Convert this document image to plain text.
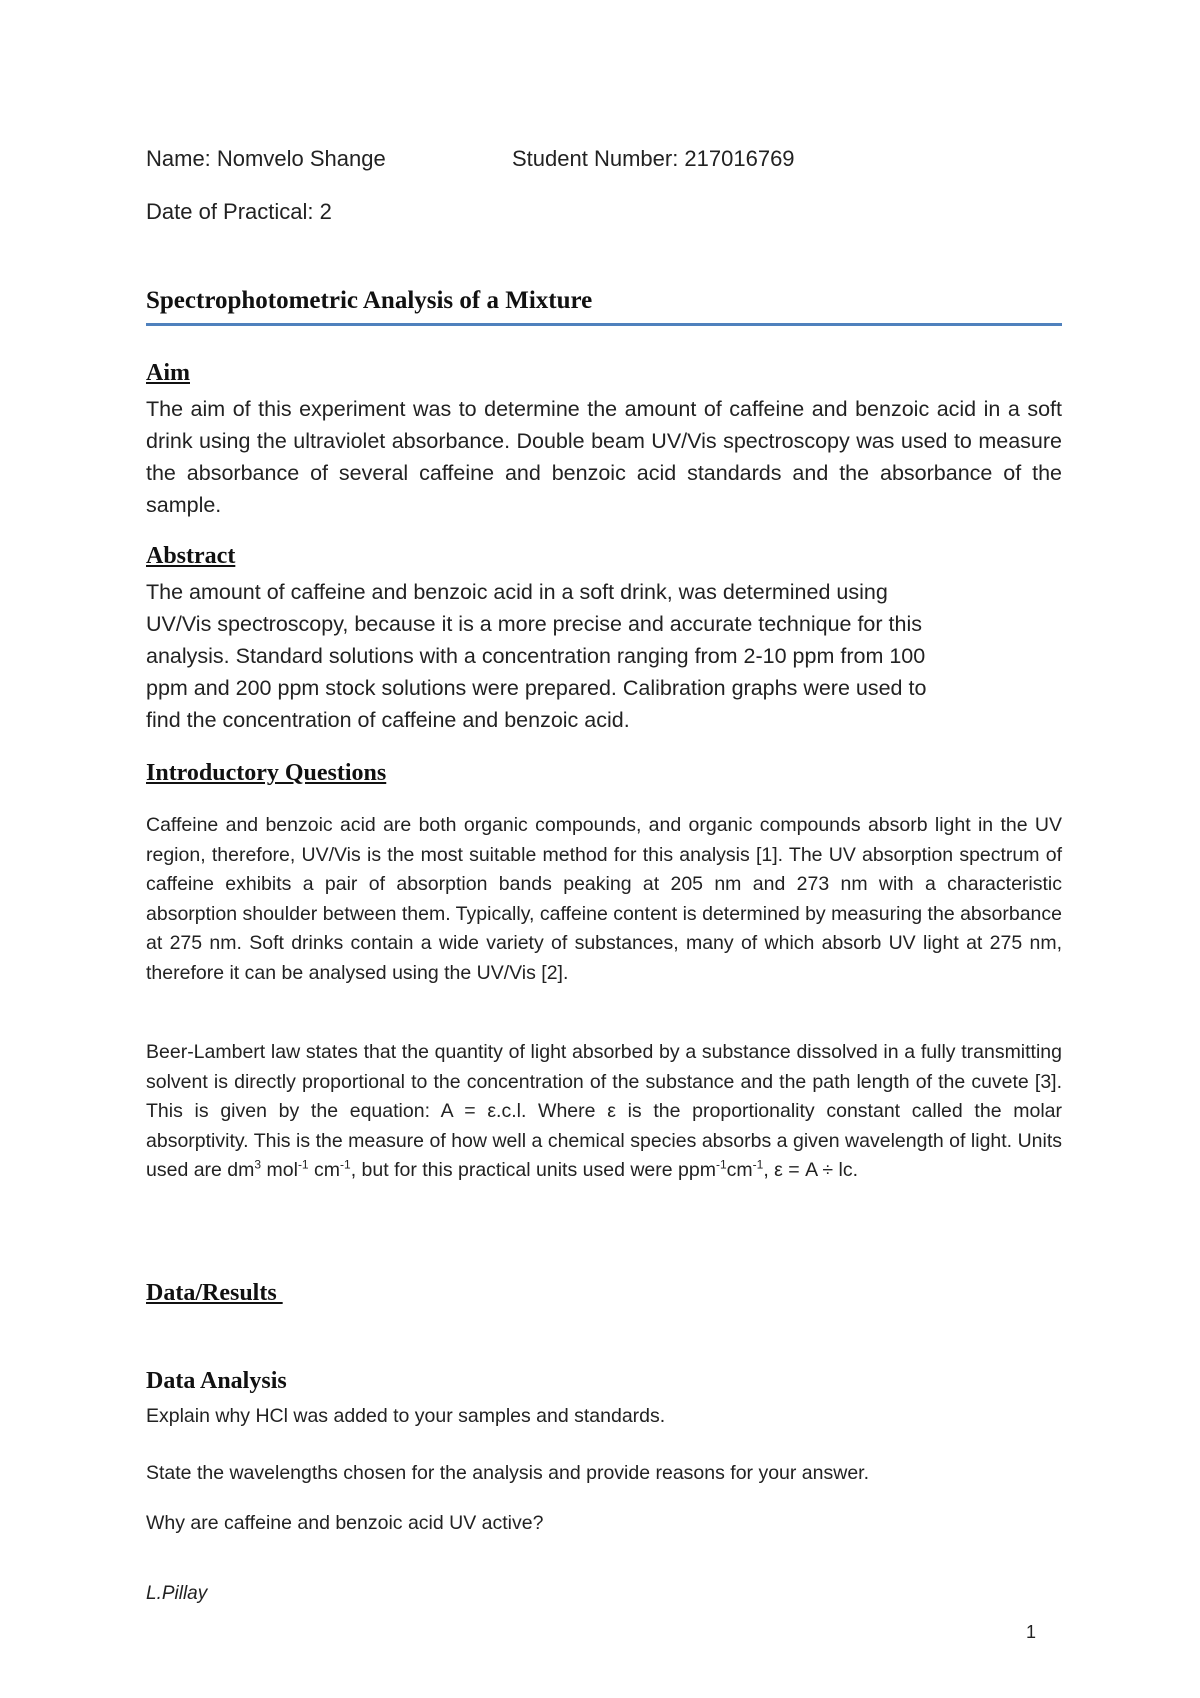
Name: Nomvelo Shange	Student Number: 217016769
Date of Practical: 2
Spectrophotometric Analysis of a Mixture
Aim

The aim of this experiment was to determine the amount of caffeine and benzoic acid in a soft drink using the ultraviolet absorbance. Double beam UV/Vis spectroscopy was used to measure the absorbance of several caffeine and benzoic acid standards and the absorbance of the sample.

Abstract
The amount of caffeine and benzoic acid in a soft drink, was determined using
UV/Vis spectroscopy, because it is a more precise and accurate technique for this
analysis. Standard solutions with a concentration ranging from 2-10 ppm from 100
ppm and 200 ppm stock solutions were prepared. Calibration graphs were used to
find the concentration of caffeine and benzoic acid.
Introductory Questions

Caffeine and benzoic acid are both organic compounds, and organic compounds absorb light in the UV region, therefore, UV/Vis is the most suitable method for this analysis [1]. The UV absorption spectrum of caffeine exhibits a pair of absorption bands peaking at 205 nm and 273 nm with a characteristic absorption shoulder between them. Typically, caffeine content is determined by measuring the absorbance at 275 nm. Soft drinks contain a wide variety of substances, many of which absorb UV light at 275 nm, therefore it can be analysed using the UV/Vis [2].

Beer-Lambert law states that the quantity of light absorbed by a substance dissolved in a fully transmitting solvent is directly proportional to the concentration of the substance and the path length of the cuvete [3]. This is given by the equation: A = ε.c.l. Where ε is the proportionality constant called the molar absorptivity. This is the measure of how well a chemical species absorbs a given wavelength of light. Units used are $dm^3$ mol$^{-1}$ $cm^{-1}$, but for this practical units used were $ppm^{-1}cm^{-1}$, ε = A ÷ lc.

Data/Results
Data Analysis
Explain why HCl was added to your samples and standards.
State the wavelengths chosen for the analysis and provide reasons for your answer.
Why are caffeine and benzoic acid UV active?
L.Pillay
1
